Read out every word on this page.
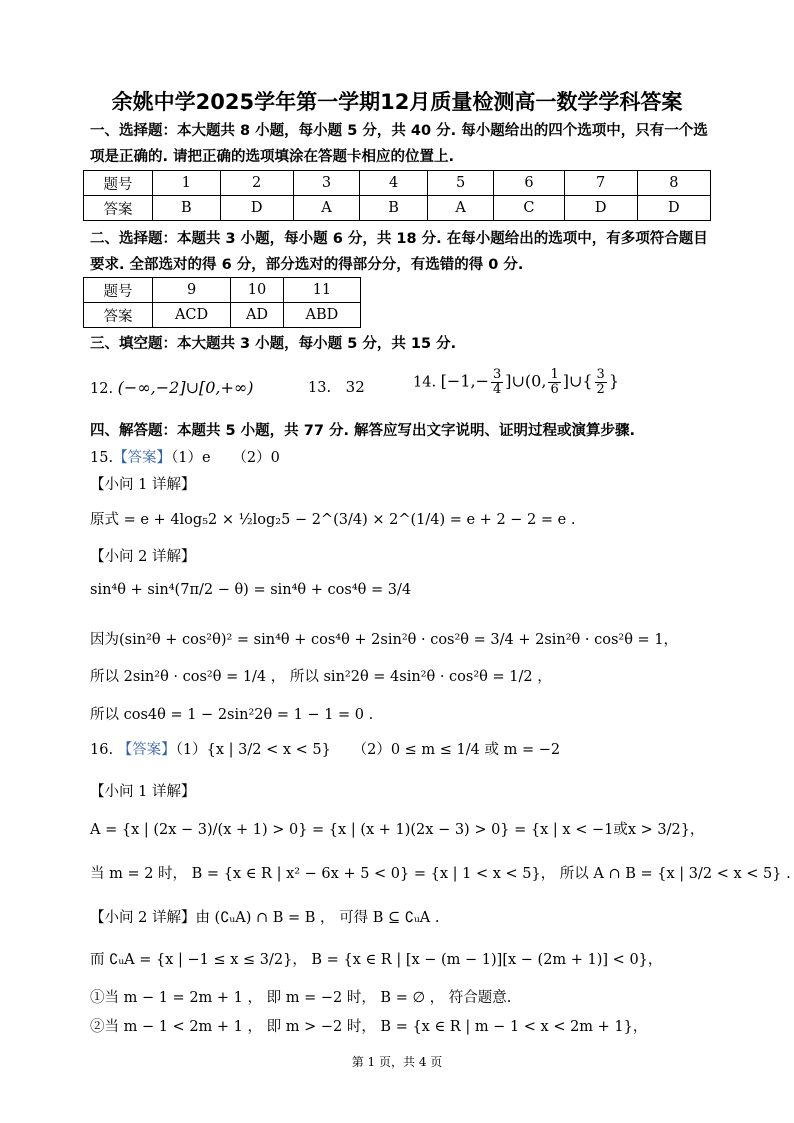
余姚中学2025学年第一学期12月质量检测高一数学学科答案
一、选择题：本大题共 8 小题，每小题 5 分，共 40 分. 每小题给出的四个选项中，只有一个选
项是正确的. 请把正确的选项填涂在答题卡相应的位置上.
题号	1	2	3	4	5	6	7	8
答案	B	D	A	B	A	C	D	D
二、选择题：本题共 3 小题，每小题 6 分，共 18 分. 在每小题给出的选项中，有多项符合题目
要求. 全部选对的得 6 分，部分选对的得部分分，有选错的得 0 分.
题号	9	10	11
答案	ACD	AD	ABD
三、填空题：本大题共 3 小题，每小题 5 分，共 15 分.
12. (−∞,−2]∪[0,+∞)	13. 32	14. [$-1,- \frac{3}{4}$ ]∪(0, $\frac{1}{6}$ ]∪{ $\frac{3}{2}$ }
四、解答题：本题共 5 小题，共 77 分. 解答应写出文字说明、证明过程或演算步骤.
15.【答案】（1）e　　（2）0
【小问 1 详解】
原式 = e + 4log₅2 × ½log₂5 − 2^(3/4) × 2^(1/4) = e + 2 − 2 = e .
【小问 2 详解】
sin⁴θ + sin⁴(7π/2 − θ) = sin⁴θ + cos⁴θ = 3/4
因为(sin²θ + cos²θ)² = sin⁴θ + cos⁴θ + 2sin²θ · cos²θ = 3/4 + 2sin²θ · cos²θ = 1，
所以 2sin²θ · cos²θ = 1/4 ， 所以 sin²2θ = 4sin²θ · cos²θ = 1/2 ，
所以 cos4θ = 1 − 2sin²2θ = 1 − 1 = 0 .
16. 【答案】（1）{x | 3/2 < x < 5}　　（2）0 ≤ m ≤ 1/4 或 m = −2
【小问 1 详解】
A = {x | (2x − 3)/(x + 1) > 0} = {x | (x + 1)(2x − 3) > 0} = {x | x < −1或x > 3/2}，
当 m = 2 时， B = {x ∈ R | x² − 6x + 5 < 0} = {x | 1 < x < 5}， 所以 A ∩ B = {x | 3/2 < x < 5} .
【小问 2 详解】由 (∁ᵤA) ∩ B = B ， 可得 B ⊆ ∁ᵤA .
而 ∁ᵤA = {x | −1 ≤ x ≤ 3/2}， B = {x ∈ R | [x − (m − 1)][x − (2m + 1)] < 0}，
①当 m − 1 = 2m + 1 ， 即 m = −2 时， B = ∅ ， 符合题意.
②当 m − 1 < 2m + 1 ， 即 m > −2 时， B = {x ∈ R | m − 1 < x < 2m + 1}，
第 1 页，共 4 页
